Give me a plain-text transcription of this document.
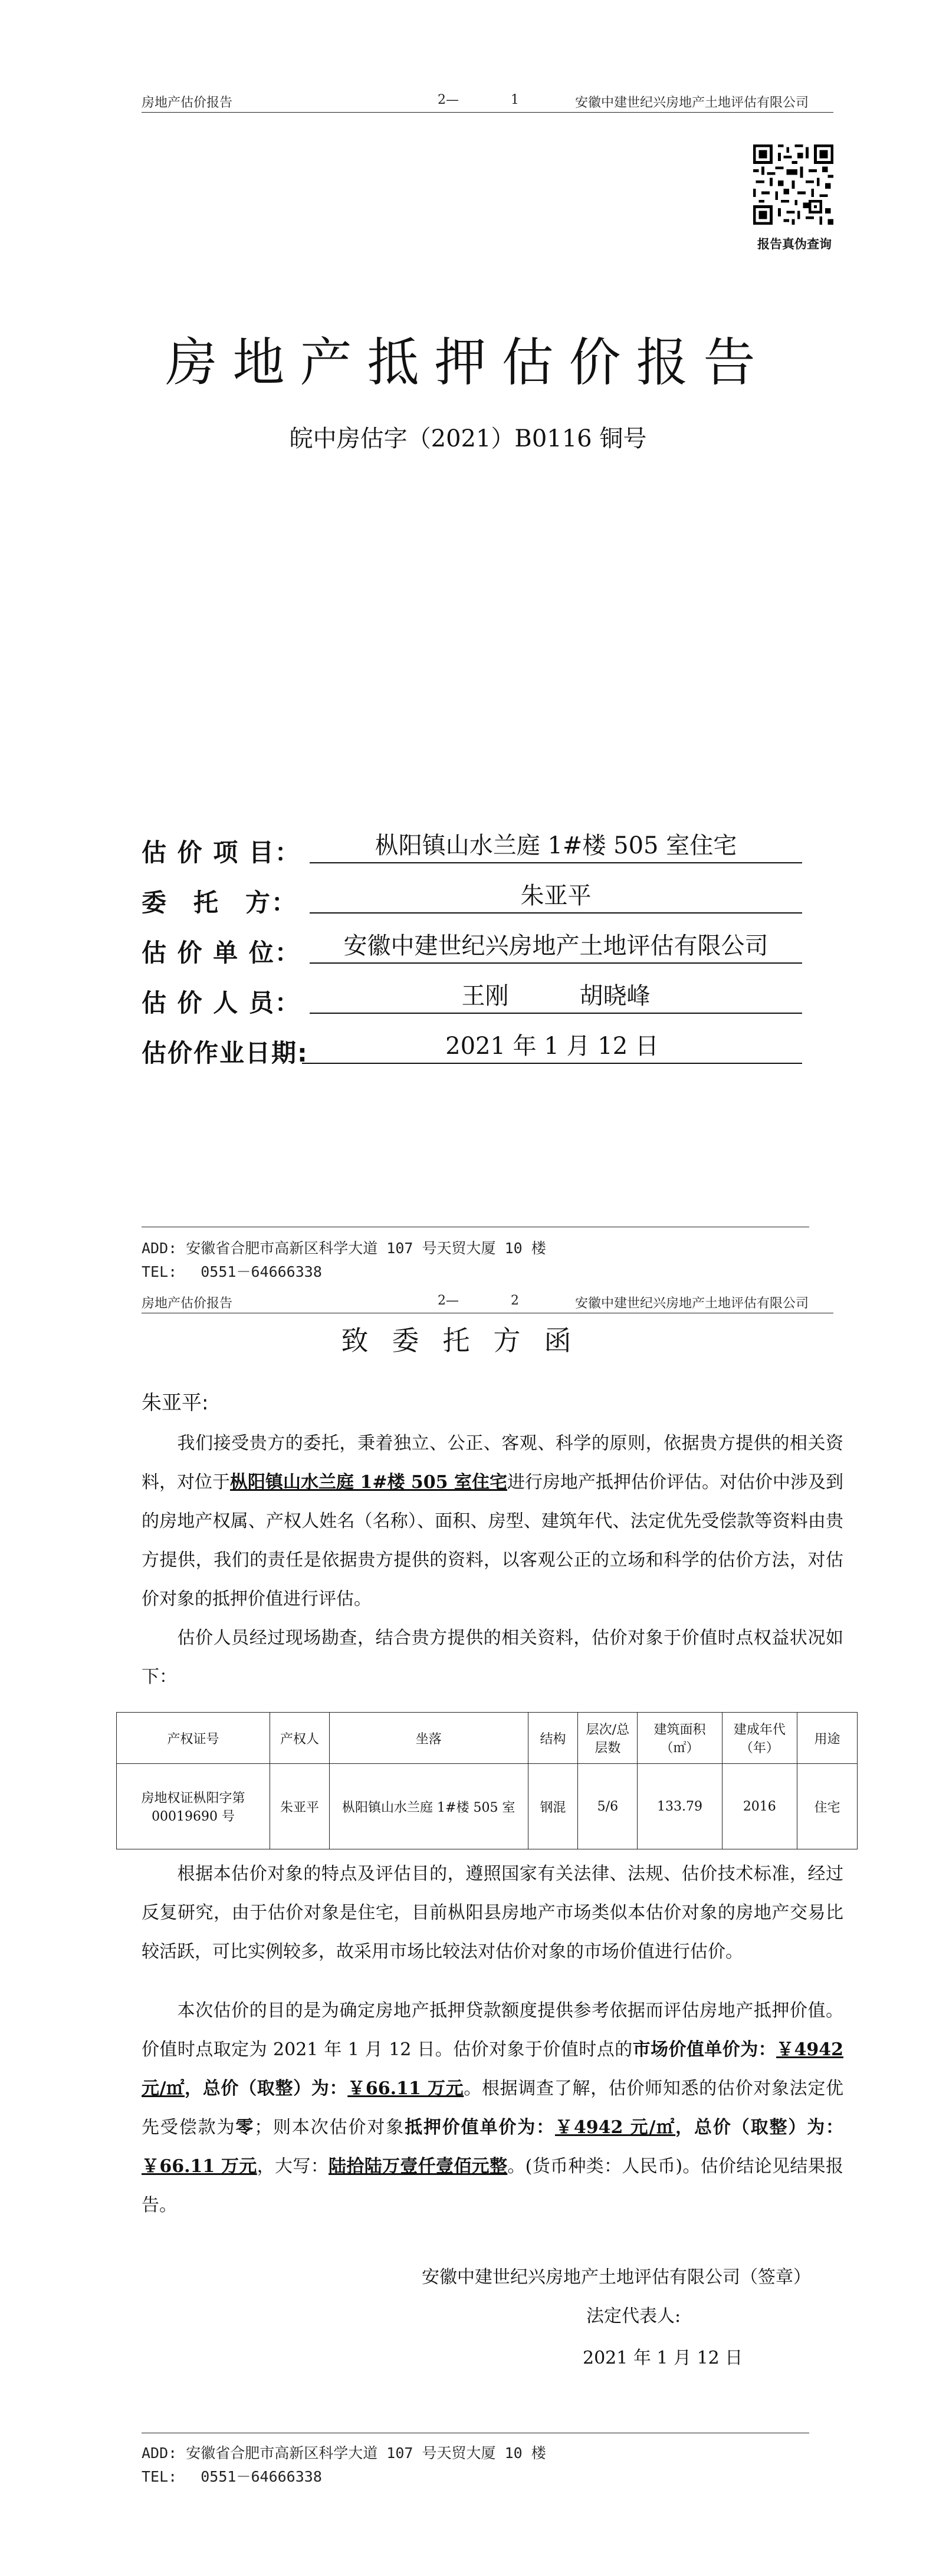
房地产估价报告	2—	1	安徽中建世纪兴房地产土地评估有限公司
报告真伪查询
房地产抵押估价报告
皖中房估字（2021）B0116 铜号
估 价 项 目：	枞阳镇山水兰庭 1#楼 505 室住宅
委　托　方：	朱亚平
估 价 单 位：	安徽中建世纪兴房地产土地评估有限公司
估 价 人 员：	王刚　　　胡晓峰
估价作业日期:	2021 年 1 月 12 日
ADD: 安徽省合肥市高新区科学大道 107 号天贸大厦 10 楼
TEL:　 0551－64666338
房地产估价报告	2—	2	安徽中建世纪兴房地产土地评估有限公司
致委托方函
朱亚平:
我们接受贵方的委托，秉着独立、公正、客观、科学的原则，依据贵方提供的相关资料，对位于枞阳镇山水兰庭 1#楼 505 室住宅进行房地产抵押估价评估。对估价中涉及到的房地产权属、产权人姓名（名称）、面积、房型、建筑年代、法定优先受偿款等资料由贵方提供，我们的责任是依据贵方提供的资料，以客观公正的立场和科学的估价方法，对估价对象的抵押价值进行评估。
估价人员经过现场勘查，结合贵方提供的相关资料，估价对象于价值时点权益状况如下：
产权证号	产权人	坐落	结构	层次/总层数	建筑面积（㎡）	建成年代（年）	用途
房地权证枞阳字第00019690 号	朱亚平	枞阳镇山水兰庭 1#楼 505 室	钢混	5/6	133.79	2016	住宅
根据本估价对象的特点及评估目的，遵照国家有关法律、法规、估价技术标准，经过反复研究，由于估价对象是住宅，目前枞阳县房地产市场类似本估价对象的房地产交易比较活跃，可比实例较多，故采用市场比较法对估价对象的市场价值进行估价。
本次估价的目的是为确定房地产抵押贷款额度提供参考依据而评估房地产抵押价值。价值时点取定为 2021 年 1 月 12 日。估价对象于价值时点的市场价值单价为：￥4942 元/㎡，总价（取整）为：￥66.11 万元。根据调查了解，估价师知悉的估价对象法定优先受偿款为零；则本次估价对象抵押价值单价为：￥4942 元/㎡，总价（取整）为：￥66.11 万元，大写：陆拾陆万壹仟壹佰元整。(货币种类：人民币)。估价结论见结果报告。
安徽中建世纪兴房地产土地评估有限公司（签章）
法定代表人:
2021 年 1 月 12 日
ADD: 安徽省合肥市高新区科学大道 107 号天贸大厦 10 楼
TEL:　 0551－64666338
